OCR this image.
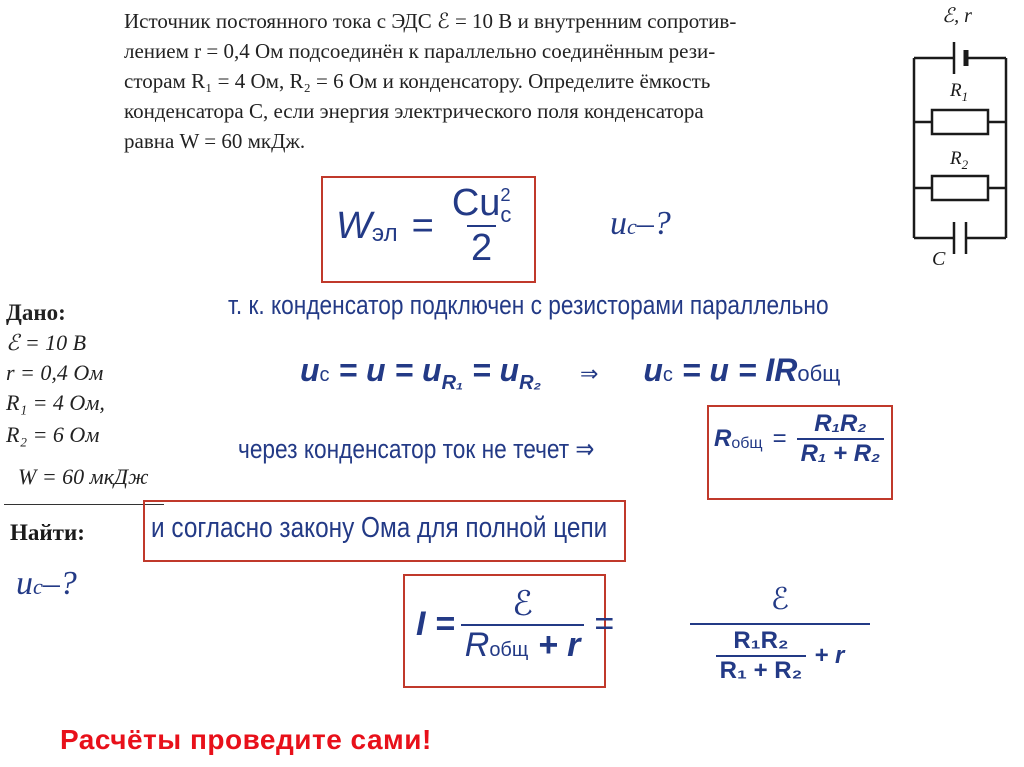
Источник постоянного тока с ЭДС ℰ = 10 В и внутренним сопротив-
лением r = 0,4 Ом подсоединён к параллельно соединённым рези-
сторам R₁ = 4 Ом, R₂ = 6 Ом и конденсатору. Определите ёмкость
конденсатора C, если энергия электрического поля конденсатора
равна W = 60 мкДж.
ℰ, r
$R_1$
$R_2$
C
W эл = Cu 2
c
2	uc–?
т. к. конденсатор подключен с резисторами параллельно
Дано:
ℰ = 10 В
r = 0,4 Ом
R₁ = 4 Ом,
R₂ = 6 Ом
W = 60 мкДж
Найти:
uc–?
uc = $u = u_{R_1} = u_{R_2}$ ⇒ uc = u = IRобщ
через конденсатор ток не течет ⇒	R общ = $\frac{\text{R₁R₂}}{\text{R₁ + R₂}}$
и согласно закону Ома для полной цепи
$I = \frac{\text{ℰ}}{\text{Rобщ + r}}$ =
ℰ
$\frac{\text{R₁R₂}}{\text{R₁ + R₂}} + r$
Расчёты проведите сами!
